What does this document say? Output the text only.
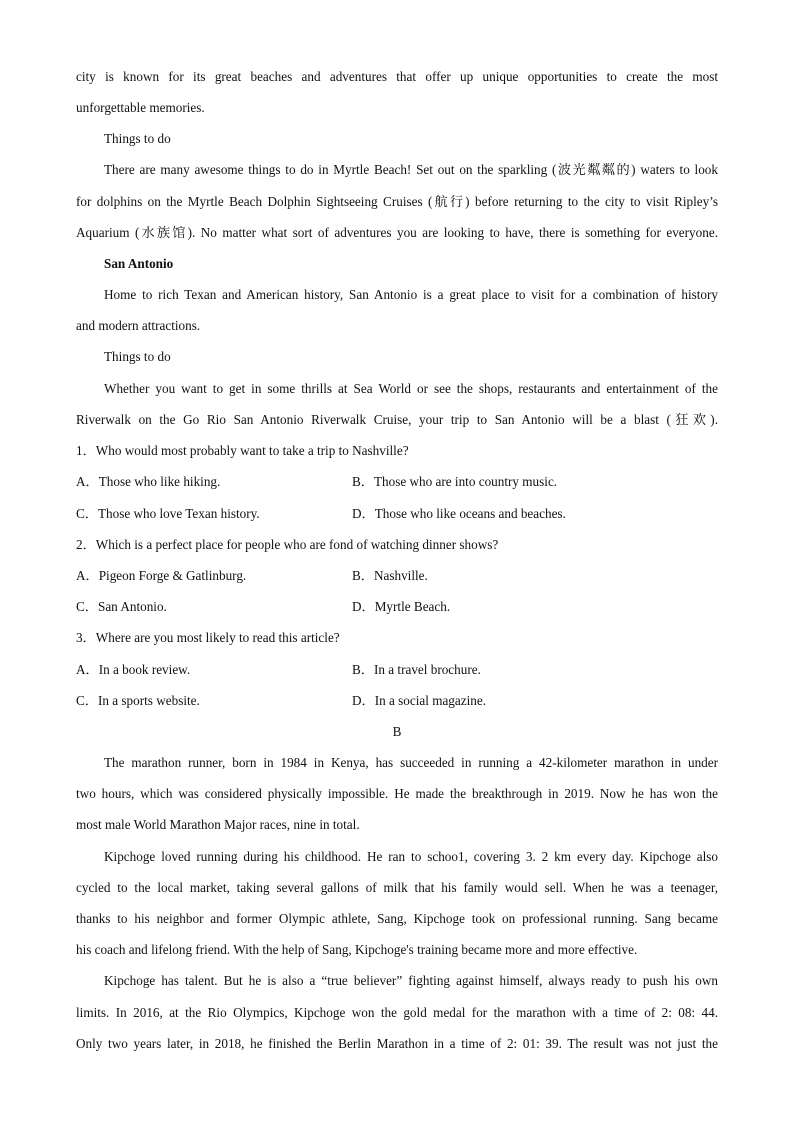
city is known for its great beaches and adventures that offer up unique opportunities to create the most
unforgettable memories.
Things to do
There are many awesome things to do in Myrtle Beach! Set out on the sparkling (波光粼粼的) waters to look
for dolphins on the Myrtle Beach Dolphin Sightseeing Cruises (航行) before returning to the city to visit Ripley’s
Aquarium (水族馆). No matter what sort of adventures you are looking to have, there is something for everyone.
San Antonio
Home to rich Texan and American history, San Antonio is a great place to visit for a combination of history
and modern attractions.
Things to do
Whether you want to get in some thrills at Sea World or see the shops, restaurants and entertainment of the
Riverwalk on the Go Rio San Antonio Riverwalk Cruise, your trip to San Antonio will be a blast (狂欢).
1．Who would most probably want to take a trip to Nashville?
A．Those who like hiking.	B．Those who are into country music.
C．Those who love Texan history.	D．Those who like oceans and beaches.
2．Which is a perfect place for people who are fond of watching dinner shows?
A．Pigeon Forge & Gatlinburg.	B．Nashville.
C．San Antonio.	D．Myrtle Beach.
3．Where are you most likely to read this article?
A．In a book review.	B．In a travel brochure.
C．In a sports website.	D．In a social magazine.
B
The marathon runner, born in 1984 in Kenya, has succeeded in running a 42-kilometer marathon in under
two hours, which was considered physically impossible. He made the breakthrough in 2019. Now he has won the
most male World Marathon Major races, nine in total.
Kipchoge loved running during his childhood. He ran to schoo1, covering 3. 2 km every day. Kipchoge also
cycled to the local market, taking several gallons of milk that his family would sell. When he was a teenager,
thanks to his neighbor and former Olympic athlete, Sang, Kipchoge took on professional running. Sang became
his coach and lifelong friend. With the help of Sang, Kipchoge's training became more and more effective.
Kipchoge has talent. But he is also a “true believer” fighting against himself, always ready to push his own
limits. In 2016, at the Rio Olympics, Kipchoge won the gold medal for the marathon with a time of 2: 08: 44.
Only two years later, in 2018, he finished the Berlin Marathon in a time of 2: 01: 39. The result was not just the
